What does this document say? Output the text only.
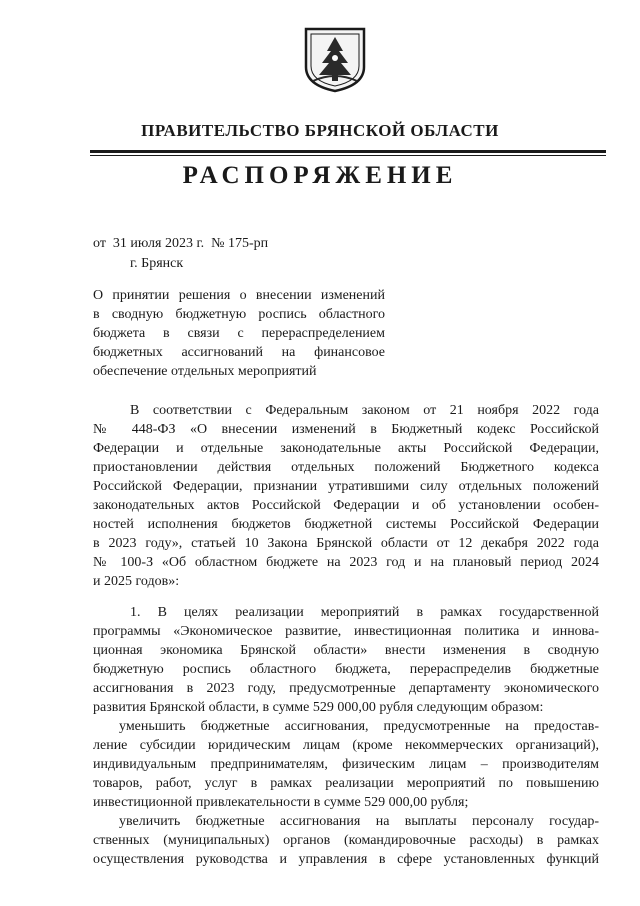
ПРАВИТЕЛЬСТВО БРЯНСКОЙ ОБЛАСТИ
РАСПОРЯЖЕНИЕ
от  31 июля 2023 г.  № 175-рп
г. Брянск
О принятии решения о внесении изменений
в сводную бюджетную роспись областного
бюджета в связи с перераспределением
бюджетных ассигнований на финансовое
обеспечение отдельных мероприятий
В соответствии с Федеральным законом от 21 ноября 2022 года
№ 448-ФЗ «О внесении изменений в Бюджетный кодекс Российской
Федерации и отдельные законодательные акты Российской Федерации,
приостановлении действия отдельных положений Бюджетного кодекса
Российской Федерации, признании утратившими силу отдельных положений
законодательных актов Российской Федерации и об установлении особен-
ностей исполнения бюджетов бюджетной системы Российской Федерации
в 2023 году», статьей 10 Закона Брянской области от 12 декабря 2022 года
№ 100-З «Об областном бюджете на 2023 год и на плановый период 2024
и 2025 годов»:
1. В целях реализации мероприятий в рамках государственной
программы «Экономическое развитие, инвестиционная политика и иннова-
ционная экономика Брянской области» внести изменения в сводную
бюджетную роспись областного бюджета, перераспределив бюджетные
ассигнования в 2023 году, предусмотренные департаменту экономического
развития Брянской области, в сумме 529 000,00 рубля следующим образом:
уменьшить бюджетные ассигнования, предусмотренные на предостав-
ление субсидии юридическим лицам (кроме некоммерческих организаций),
индивидуальным предпринимателям, физическим лицам – производителям
товаров, работ, услуг в рамках реализации мероприятий по повышению
инвестиционной привлекательности в сумме 529 000,00 рубля;
увеличить бюджетные ассигнования на выплаты персоналу государ-
ственных (муниципальных) органов (командировочные расходы) в рамках
осуществления руководства и управления в сфере установленных функций
